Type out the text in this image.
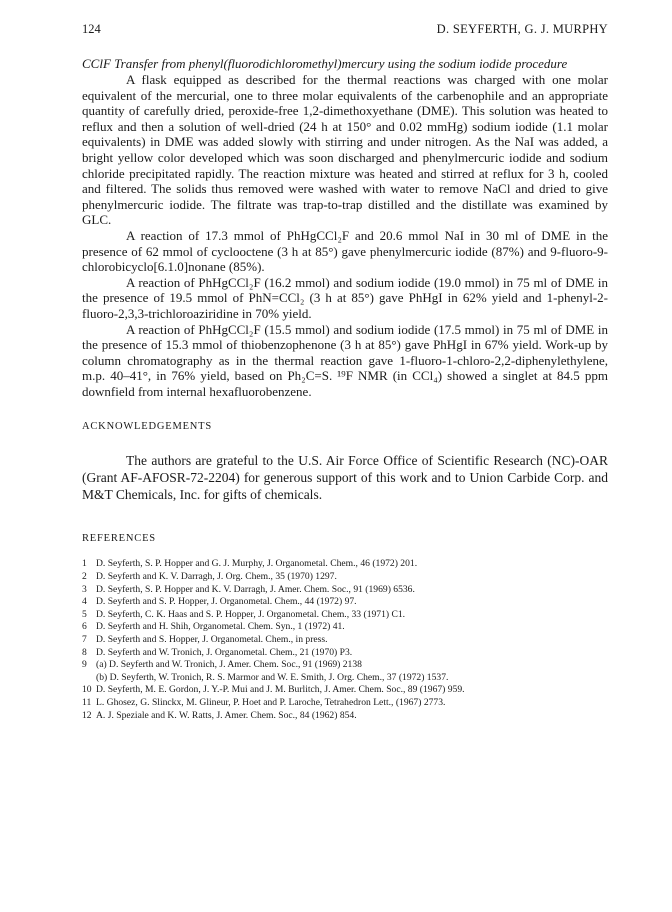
124	D. SEYFERTH, G. J. MURPHY
CClF Transfer from phenyl(fluorodichloromethyl)mercury using the sodium iodide procedure

A flask equipped as described for the thermal reactions was charged with one molar equivalent of the mercurial, one to three molar equivalents of the carbenophile and an appropriate quantity of carefully dried, peroxide-free 1,2-dimethoxyethane (DME). This solution was heated to reflux and then a solution of well-dried (24 h at 150° and 0.02 mmHg) sodium iodide (1.1 molar equivalents) in DME was added slowly with stirring and under nitrogen. As the NaI was added, a bright yellow color developed which was soon discharged and phenylmercuric iodide and sodium chloride precipitated rapidly. The reaction mixture was heated and stirred at reflux for 3 h, cooled and filtered. The solids thus removed were washed with water to remove NaCl and dried to give phenylmercuric iodide. The filtrate was trap-to-trap distilled and the distillate was examined by GLC.

A reaction of 17.3 mmol of PhHgCCl₂F and 20.6 mmol NaI in 30 ml of DME in the presence of 62 mmol of cyclooctene (3 h at 85°) gave phenylmercuric iodide (87%) and 9-fluoro-9-chlorobicyclo[6.1.0]nonane (85%).

A reaction of PhHgCCl₂F (16.2 mmol) and sodium iodide (19.0 mmol) in 75 ml of DME in the presence of 19.5 mmol of PhN=CCl₂ (3 h at 85°) gave PhHgI in 62% yield and 1-phenyl-2-fluoro-2,3,3-trichloroaziridine in 70% yield.

A reaction of PhHgCCl₂F (15.5 mmol) and sodium iodide (17.5 mmol) in 75 ml of DME in the presence of 15.3 mmol of thiobenzophenone (3 h at 85°) gave PhHgI in 67% yield. Work-up by column chromatography as in the thermal reaction gave 1-fluoro-1-chloro-2,2-diphenylethylene, m.p. 40–41°, in 76% yield, based on Ph₂C=S. ¹⁹F NMR (in CCl₄) showed a singlet at 84.5 ppm downfield from internal hexafluorobenzene.

ACKNOWLEDGEMENTS

The authors are grateful to the U.S. Air Force Office of Scientific Research (NC)-OAR (Grant AF-AFOSR-72-2204) for generous support of this work and to Union Carbide Corp. and M&T Chemicals, Inc. for gifts of chemicals.

REFERENCES
1 D. Seyferth, S. P. Hopper and G. J. Murphy, J. Organometal. Chem., 46 (1972) 201.
2 D. Seyferth and K. V. Darragh, J. Org. Chem., 35 (1970) 1297.
3 D. Seyferth, S. P. Hopper and K. V. Darragh, J. Amer. Chem. Soc., 91 (1969) 6536.
4 D. Seyferth and S. P. Hopper, J. Organometal. Chem., 44 (1972) 97.
5 D. Seyferth, C. K. Haas and S. P. Hopper, J. Organometal. Chem., 33 (1971) C1.
6 D. Seyferth and H. Shih, Organometal. Chem. Syn., 1 (1972) 41.
7 D. Seyferth and S. Hopper, J. Organometal. Chem., in press.
8 D. Seyferth and W. Tronich, J. Organometal. Chem., 21 (1970) P3.
9 (a) D. Seyferth and W. Tronich, J. Amer. Chem. Soc., 91 (1969) 2138
(b) D. Seyferth, W. Tronich, R. S. Marmor and W. E. Smith, J. Org. Chem., 37 (1972) 1537.
10 D. Seyferth, M. E. Gordon, J. Y.-P. Mui and J. M. Burlitch, J. Amer. Chem. Soc., 89 (1967) 959.
11 L. Ghosez, G. Slinckx, M. Glineur, P. Hoet and P. Laroche, Tetrahedron Lett., (1967) 2773.
12 A. J. Speziale and K. W. Ratts, J. Amer. Chem. Soc., 84 (1962) 854.
